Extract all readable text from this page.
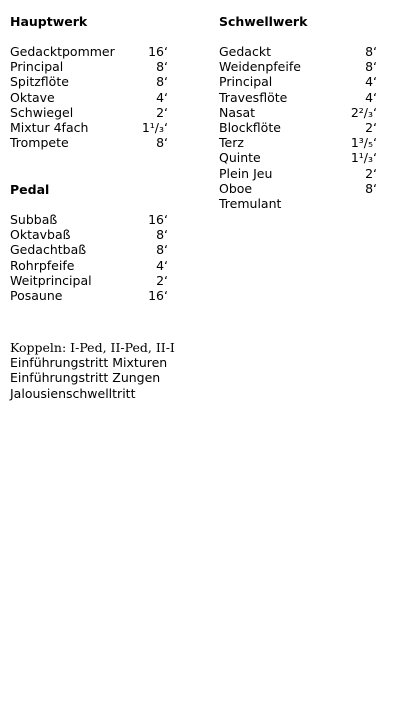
Hauptwerk
Gedacktpommer	16‘
Principal	8‘
Spitzflöte	8‘
Oktave	4‘
Schwiegel	2‘
Mixtur 4fach	1¹/₃‘
Trompete	8‘
Schwellwerk
Gedackt	8‘
Weidenpfeife	8‘
Principal	4‘
Travesflöte	4‘
Nasat	2²/₃‘
Blockflöte	2‘
Terz	1³/₅‘
Quinte	1¹/₃‘
Plein Jeu	2‘
Oboe	8‘
Tremulant
Pedal
Subbaß	16‘
Oktavbaß	8‘
Gedachtbaß	8‘
Rohrpfeife	4‘
Weitprincipal	2‘
Posaune	16‘
Koppeln: I-Ped, II-Ped, II-I
Einführungstritt Mixturen
Einführungstritt Zungen
Jalousienschwelltritt
